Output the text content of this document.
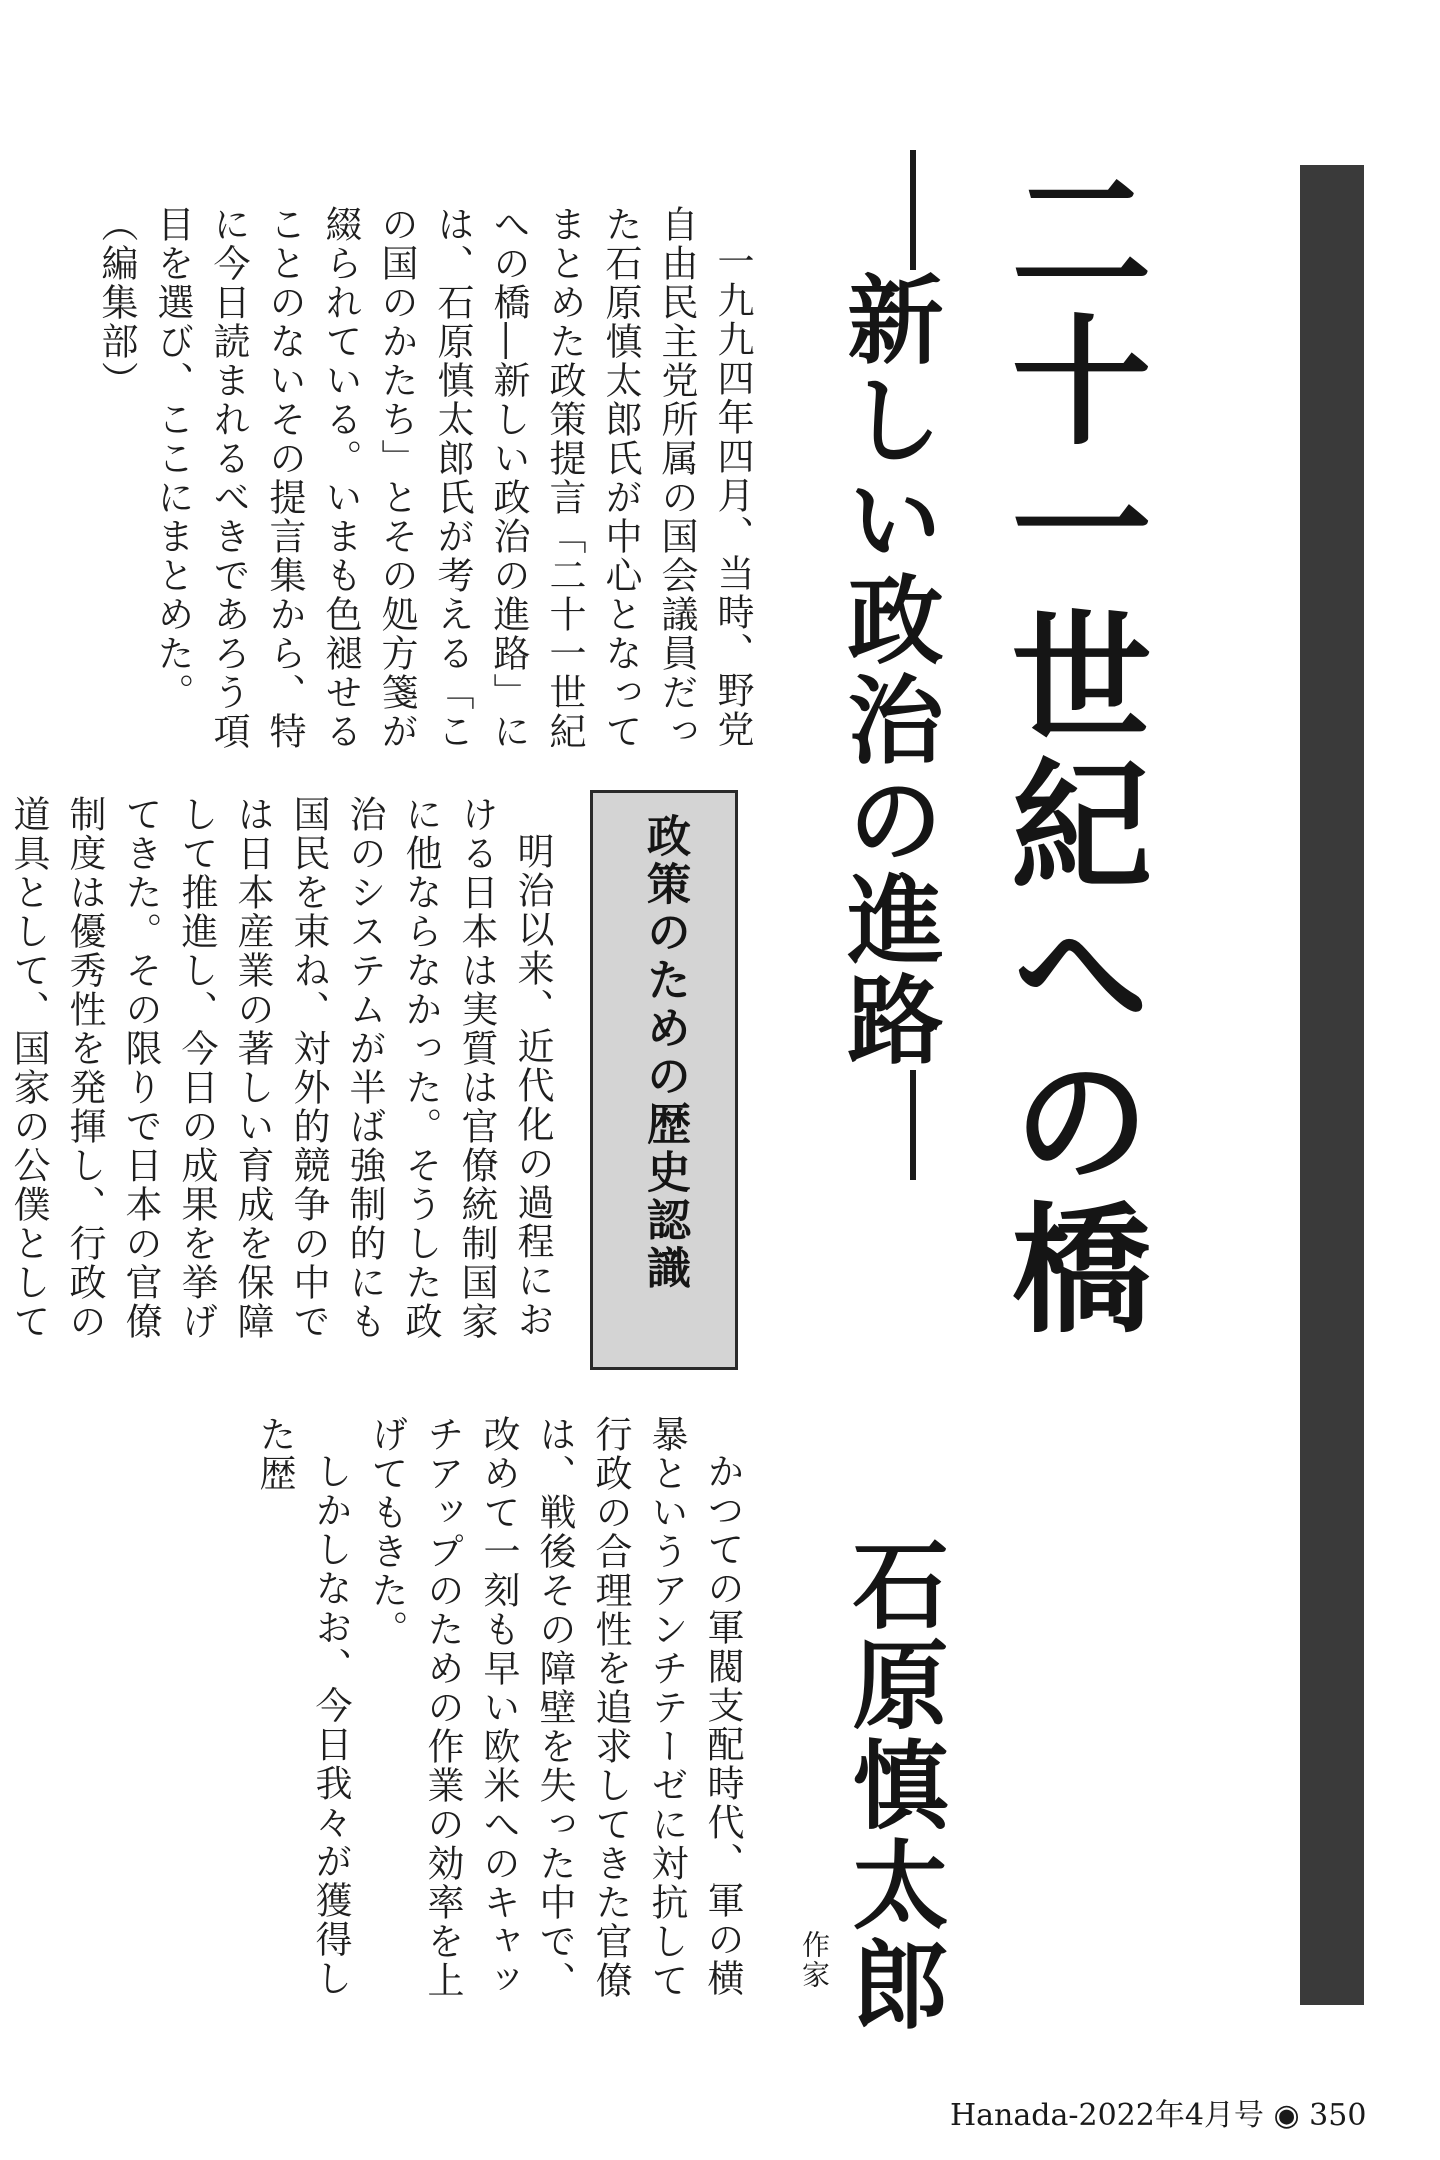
二十一世紀への橋
新しい政治の進路
石原慎太郎
作家

一九九四年四月、当時、野党自由民主党所属の国会議員だった石原慎太郎氏が中心となってまとめた政策提言「二十一世紀への橋―新しい政治の進路」には、石原慎太郎氏が考える「この国のかたち」とその処方箋が綴られている。いまも色褪せることのないその提言集から、特に今日読まれるべきであろう項目を選び、ここにまとめた。（編集部）

政策のための歴史認識

明治以来、近代化の過程における日本は実質は官僚統制国家に他ならなかった。そうした政治のシステムが半ば強制的にも国民を束ね、対外的競争の中では日本産業の著しい育成を保障して推進し、今日の成果を挙げてきた。その限りで日本の官僚制度は優秀性を発揮し、行政の道具として、国家の公僕として

かつての軍閥支配時代、軍の横暴というアンチテーゼに対抗して行政の合理性を追求してきた官僚は、戦後その障壁を失った中で、改めて一刻も早い欧米へのキャッチアップのための作業の効率を上げてもきた。

しかしなお、今日我々が獲得した歴

Hanada-2022年4月号 ◉ 350
